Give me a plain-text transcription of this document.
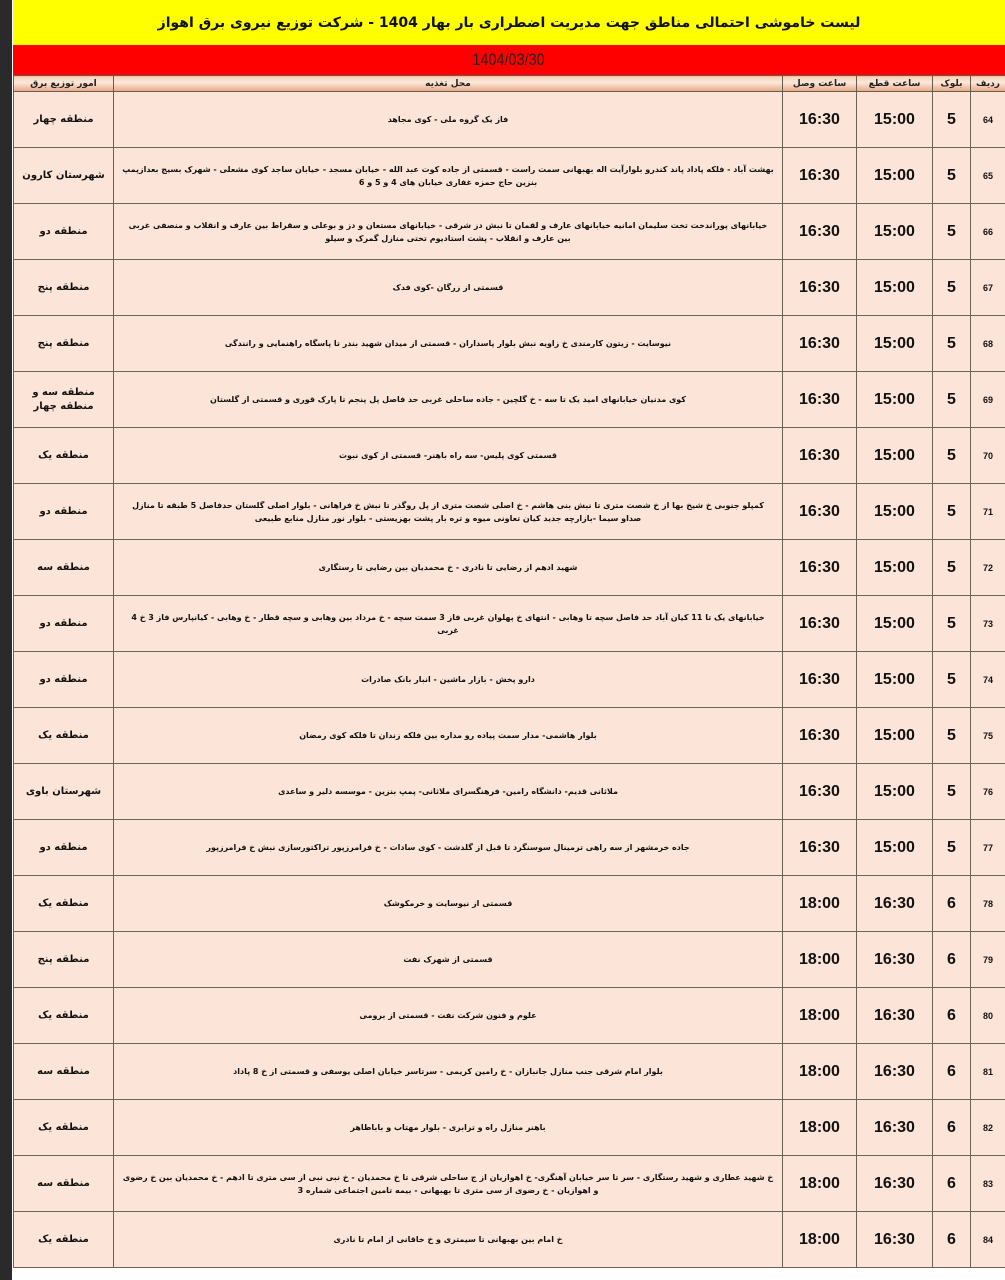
لیست خاموشی احتمالی مناطق جهت مدیریت اضطراری بار بهار 1404 - شرکت توزیع نیروی برق اهواز
1404/03/30
ردیف	بلوک	ساعت قطع	ساعت وصل	محل تغذیه	امور توزیع برق
64	5	15:00	16:30	فاز یک گروه ملی - کوی مجاهد	منطقه چهار
65	5	15:00	16:30	بهشت آباد - فلکه پاداد پاند کندرو بلوارآیت اله بهبهانی سمت راست - قسمتی از جاده کوت عبد الله - خیابان مسجد - خیابان ساجد کوی مشعلی - شهرک بسیج بعدازپمپ بنزین حاج حمزه غفاری خیابان های 4 و 5 و 6	شهرستان کارون
66	5	15:00	16:30	خیابانهای پوراندخت تخت سلیمان امانیه خیابانهای عارف و لقمان تا نبش دز شرقی - خیابانهای مستعان و دز و بوعلی و سقراط بین عارف و انقلاب و منصفی غربی بین عارف و انقلاب - پشت استادیوم تختی منازل گمرک و سیلو	منطقه دو
67	5	15:00	16:30	قسمتی از زرگان -کوی فدک	منطقه پنج
68	5	15:00	16:30	نیوسایت - زیتون کارمندی خ زاویه نبش بلوار پاسداران - قسمتی از میدان شهید بندر تا پاسگاه راهنمایی و رانندگی	منطقه پنج
69	5	15:00	16:30	کوی مدنیان خیابانهای امید یک تا سه - خ گلچین - جاده ساحلی غربی حد فاصل پل پنجم تا پارک قوری و قسمتی از گلستان	منطقه سه و منطقه چهار
70	5	15:00	16:30	قسمتی کوی پلیس- سه راه باهنر- قسمتی از کوی نبوت	منطقه یک
71	5	15:00	16:30	کمپلو جنوبی خ شیخ بها از خ شصت متری تا نبش بنی هاشم - خ اصلی شصت متری از پل روگذر تا نبش خ فراهانی - بلوار اصلی گلستان حدفاصل 5 طبقه تا منازل صداو سیما -بازارچه جدید کیان تعاونی میوه و تره بار پشت بهزیستی - بلوار نور منازل منابع طبیعی	منطقه دو
72	5	15:00	16:30	شهید ادهم از رضایی تا نادری - خ محمدیان بین رضایی تا رستگاری	منطقه سه
73	5	15:00	16:30	خیابانهای یک تا 11 کیان آباد حد فاصل سچه تا وهابی - انتهای خ پهلوان غربی فاز 3 سمت سچه - خ مرداد بین وهابی و سچه قطار - خ وهابی - کیانپارس فاز 3 خ 4 غربی	منطقه دو
74	5	15:00	16:30	دارو پخش - بازار ماشین - انبار بانک صادرات	منطقه دو
75	5	15:00	16:30	بلوار هاشمی- مدار سمت پیاده رو مداره بین فلکه زندان تا فلکه کوی رمضان	منطقه یک
76	5	15:00	16:30	ملاثانی قدیم- دانشگاه رامین- فرهنگسرای ملاثانی- پمپ بنزین - موسسه دلیر و ساعدی	شهرستان باوی
77	5	15:00	16:30	جاده خرمشهر از سه راهی ترمینال سوسنگرد تا قبل از گلدشت - کوی سادات - خ فرامرزپور تراکتورسازی نبش خ فرامرزپور	منطقه دو
78	6	16:30	18:00	قسمتی از نیوسایت و خرمکوشک	منطقه یک
79	6	16:30	18:00	قسمتی از شهرک نفت	منطقه پنج
80	6	16:30	18:00	علوم و فنون شرکت نفت - قسمتی از برومی	منطقه یک
81	6	16:30	18:00	بلوار امام شرقی جنب منازل جانبازان - خ رامین کریمی - سرتاسر خیابان اصلی یوسفی و قسمتی از خ 8 پاداد	منطقه سه
82	6	16:30	18:00	باهنر منازل راه و ترابری - بلوار مهتاب و باباطاهر	منطقه یک
83	6	16:30	18:00	خ شهید عطاری و شهید رستگاری - سر تا سر خیابان آهنگری- خ اهوازیان از ج ساحلی شرقی تا خ محمدیان - خ نبی نبی از سی متری تا ادهم - خ محمدیان بین خ رضوی و اهوازیان - خ رضوی از سی متری تا بهبهانی - بیمه تامین اجتماعی شماره 3	منطقه سه
84	6	16:30	18:00	خ امام بین بهبهانی تا سیمتری و خ خاقانی از امام تا نادری	منطقه یک
